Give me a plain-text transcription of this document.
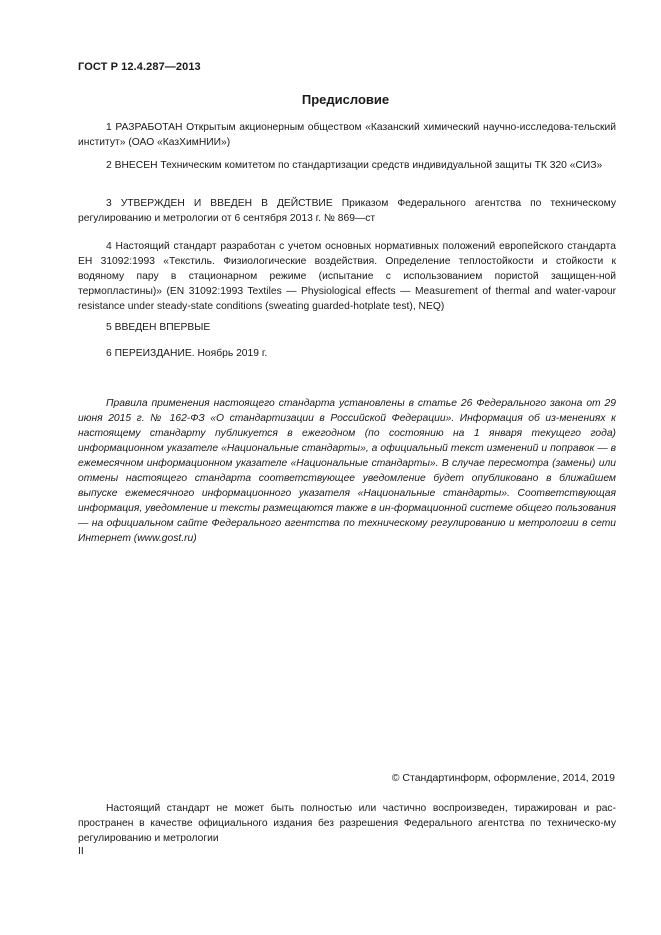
ГОСТ Р 12.4.287—2013
Предисловие
1 РАЗРАБОТАН Открытым акционерным обществом «Казанский химический научно-исследова-тельский институт» (ОАО «КазХимНИИ»)
2 ВНЕСЕН Техническим комитетом по стандартизации средств индивидуальной защиты ТК 320 «СИЗ»
3 УТВЕРЖДЕН И ВВЕДЕН В ДЕЙСТВИЕ Приказом Федерального агентства по техническому регулированию и метрологии от 6 сентября 2013 г. № 869—ст
4 Настоящий стандарт разработан с учетом основных нормативных положений европейского стандарта ЕН 31092:1993 «Текстиль. Физиологические воздействия. Определение теплостойкости и стойкости к водяному пару в стационарном режиме (испытание с использованием пористой защищен-ной термопластины)» (EN 31092:1993 Textiles — Physiological effects — Measurement of thermal and water-vapour resistance under steady-state conditions (sweating guarded-hotplate test), NEQ)
5 ВВЕДЕН ВПЕРВЫЕ
6 ПЕРЕИЗДАНИЕ. Ноябрь 2019 г.
Правила применения настоящего стандарта установлены в статье 26 Федерального закона от 29 июня 2015 г. № 162-ФЗ «О стандартизации в Российской Федерации». Информация об из-менениях к настоящему стандарту публикуется в ежегодном (по состоянию на 1 января текущего года) информационном указателе «Национальные стандарты», а официальный текст изменений и поправок — в ежемесячном информационном указателе «Национальные стандарты». В случае пересмотра (замены) или отмены настоящего стандарта соответствующее уведомление будет опубликовано в ближайшем выпуске ежемесячного информационного указателя «Национальные стандарты». Соответствующая информация, уведомление и тексты размещаются также в ин-формационной системе общего пользования — на официальном сайте Федерального агентства по техническому регулированию и метрологии в сети Интернет (www.gost.ru)
© Стандартинформ, оформление, 2014, 2019
Настоящий стандарт не может быть полностью или частично воспроизведен, тиражирован и рас-пространен в качестве официального издания без разрешения Федерального агентства по техническо-му регулированию и метрологии
II
